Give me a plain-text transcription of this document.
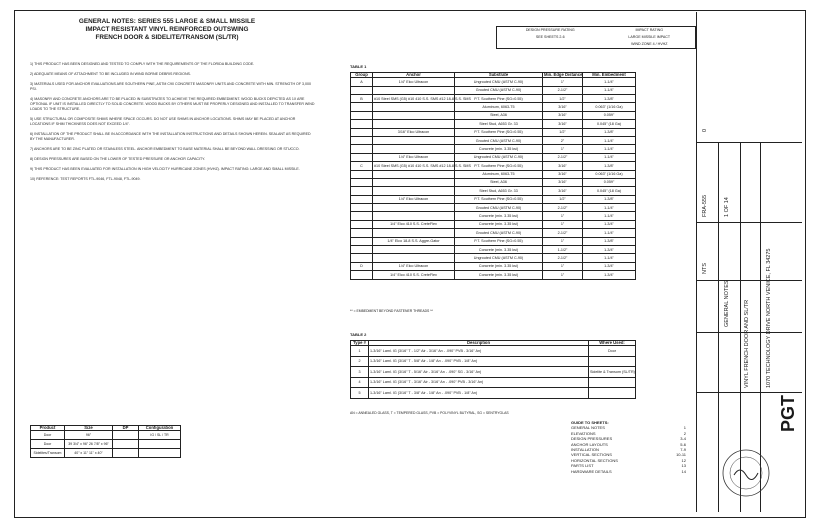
GENERAL NOTES: SERIES 555 LARGE & SMALL MISSILE
IMPACT RESISTANT VINYL REINFORCED OUTSWING
FRENCH DOOR & SIDELITE/TRANSOM (SL/TR)

1) THIS PRODUCT HAS BEEN DESIGNED AND TESTED TO COMPLY WITH THE REQUIREMENTS OF THE FLORIDA BUILDING CODE.

2) ADEQUATE MEANS OF ATTACHMENT TO BE INCLUDED IN WIND BORNE DEBRIS REGIONS.

3) MATERIALS USED FOR ANCHOR EVALUATIONS ARE SOUTHERN PINE, ASTM C90 CONCRETE MASONRY UNITS AND CONCRETE WITH MIN. STRENGTH OF 3,000 PSI.

4) MASONRY AND CONCRETE ANCHORS ARE TO BE PLACED IN SUBSTRATES TO ACHIEVE THE REQUIRED EMBEDMENT. WOOD BUCKS DEPICTED AS 1X ARE OPTIONAL IF UNIT IS INSTALLED DIRECTLY TO SOLID CONCRETE. WOOD BUCKS BY OTHERS MUST BE PROPERLY DESIGNED AND INSTALLED TO TRANSFER WIND LOADS TO THE STRUCTURE.

5) USE STRUCTURAL OR COMPOSITE SHIMS WHERE SPACE OCCURS. DO NOT USE SHIMS IN ANCHOR LOCATIONS. SHIMS MAY BE PLACED AT ANCHOR LOCATIONS IF SHIM THICKNESS DOES NOT EXCEED 1/4".

6) INSTALLATION OF THE PRODUCT SHALL BE IN ACCORDANCE WITH THE INSTALLATION INSTRUCTIONS AND DETAILS SHOWN HEREIN. SEALANT AS REQUIRED BY THE MANUFACTURER.

7) ANCHORS ARE TO BE ZINC PLATED OR STAINLESS STEEL. ANCHOR EMBEDMENT TO BASE MATERIAL SHALL BE BEYOND WALL DRESSING OR STUCCO.

8) DESIGN PRESSURES ARE BASED ON THE LOWER OF TESTED PRESSURE OR ANCHOR CAPACITY.

9) THIS PRODUCT HAS BEEN EVALUATED FOR INSTALLATION IN HIGH VELOCITY HURRICANE ZONES (HVHZ). IMPACT RATING: LARGE AND SMALL MISSILE.

10) REFERENCE: TEST REPORTS FTL-9046, FTL-9048, FTL-9049.

DESIGN PRESSURE RATING	IMPACT RATING
SEE SHEETS 2-6	LARGE MISSILE IMPACT
	WIND ZONE 4 / HVHZ
TABLE 1
Group	Anchor	Substrate	Min. Edge Distance	Min. Embedment
A	1/4" Elco Ultracon	Ungrouted CMU (ASTM C-90)	1"	1-1/4"
		Grouted CMU (ASTM C-90)	2-1/2"	1-1/4"
B	#10 Steel SMS (G5) #10 410 S.S. SMS #12 18-8 S.S. SMS	P.T. Southern Pine (SG=0.55)	1/2"	1-3/8"
		Aluminum, 6063-T5	3/16"	0.063" (1/16 Ga)
		Steel, A36	3/16"	0.059"
		Steel Stud, A653 Gr. 33	3/16"	0.045" (18 Ga)
	3/16" Elco Ultracon	P.T. Southern Pine (SG=0.55)	1/2"	1-3/8"
		Grouted CMU (ASTM C-90)	2"	1-1/4"
		Concrete (min. 3.35 ksi)	1"	1-1/4"
	1/4" Elco Ultracon	Ungrouted CMU (ASTM C-90)	2-1/2"	1-1/4"
C	#10 Steel SMS (G5) #10 410 S.S. SMS #12 18-8 S.S. SMS	P.T. Southern Pine (SG=0.55)	3/16"	1-3/8"
		Aluminum, 6063-T5	3/16"	0.063" (1/16 Ga)
		Steel, A36	3/16"	0.059"
		Steel Stud, A653 Gr. 33	3/16"	0.045" (18 Ga)
	1/4" Elco Ultracon	P.T. Southern Pine (SG=0.55)	1/2"	1-3/8"
		Grouted CMU (ASTM C-90)	2-1/2"	1-1/4"
		Concrete (min. 3.35 ksi)	1"	1-1/4"
	1/4" Elco 410 S.S. CreteFlex	Concrete (min. 3.35 ksi)	1"	1-3/4"
		Grouted CMU (ASTM C-90)	2-1/2"	1-1/4"
	1/4" Elco 18-8 S.S. Aggre-Gator	P.T. Southern Pine (SG=0.55)	1"	1-3/8"
		Concrete (min. 3.35 ksi)	1-1/2"	1-3/4"
		Ungrouted CMU (ASTM C-90)	2-1/2"	1-1/4"
D	1/4" Elco Ultracon	Concrete (min. 3.35 ksi)	1"	1-3/4"
	1/4" Elco 410 S.S. CreteFlex	Concrete (min. 3.35 ksi)	1"	1-3/4"
** = EMBEDMENT BEYOND FASTENER THREADS **
TABLE 2
Type #	Description	Where Used:
1	1-3/16" Laml. IG (3/16" T - 1/2" Air - 3/16" An - .090" PVB - 3/16" An)	Door
2	1-3/16" Laml. IG (3/16" T - 5/8" Air - 1/8" An - .090" PVB - 1/8" An)	
3	1-3/16" Laml. IG (3/16" T - 5/16" Air - 3/16" An - .090" SG - 3/16" An)	Sidelite & Transom (SL/TR)
4	1-3/16" Laml. IG (3/16" T - 3/16" Air - 3/16" An - .090" PVB - 3/16" An)	
5	1-3/16" Laml. IG (3/16" T - 3/8" Air - 1/8" An - .090" PVB - 1/8" An)	
AN = ANNEALED GLASS, T = TEMPERED GLASS, PVB = POLYVINYL BUTYRAL, SG = SENTRYGLAS
Product	Size	DP	Configuration
Door	96"		IG / SL / TR
Door	39 3/4" x 96" 26 7/8" x 96"		
Sidelites/Transom	40" x 11" 11" x 40"		
GUIDE TO SHEETS:
GENERAL NOTES	1
ELEVATIONS	2
DESIGN PRESSURES	3-4
ANCHOR LAYOUTS	5-6
INSTALLATION	7-9
VERTICAL SECTIONS	10-11
HORIZONTAL SECTIONS	12
PARTS LIST	13
HARDWARE DETAILS	14
FRA-555	1 OF 14
NTS
GENERAL NOTES	VINYL FRENCH DOOR AND SL/TR	1070 TECHNOLOGY DRIVE NORTH VENICE, FL 34275
PGT
0
